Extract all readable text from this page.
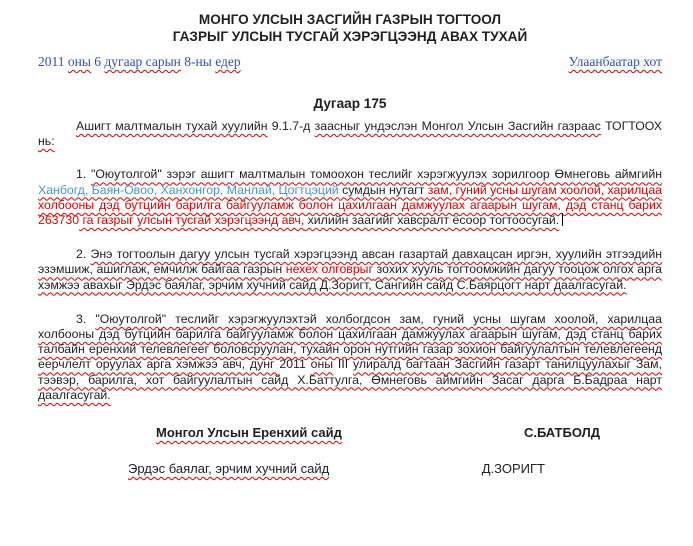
МОНГО УЛСЫН ЗАСГИЙН ГАЗРЫН ТОГТООЛ
ГАЗРЫГ УЛСЫН ТУСГАЙ ХЭРЭГЦЭЭНД АВАХ ТУХАЙ
2011 оны 6 дугаар сарын 8-ны едер	Улаанбаатар хот
Дугаар 175

Ашигт малтмалын тухай хуулийн 9.1.7-д заасныг ундэслэн Монгол Улсын Засгийн газраас ТОГТООХ нь:

1. "Оюутолгой" зэрэг ашигт малтмалын томоохон теслийг хэрэгжуулэх зорилгоор Өмнеговь аймгийн Ханбогд, Баян-Овоо, Ханхонгор, Манлай, Цогтцэций сумдын нутагт зам, гуний усны шугам хоолой, харилцаа холбооны дэд бутцийн барилга байгууламж болон цахилгаан дамжуулах агаарын шугам, дэд станц барих 263730 га газрыг улсын тусгай хэрэгцээнд авч, хилийн заагийг хавсралт ёсоор тогтоосугай.

2. Энэ тогтоолын дагуу улсын тусгай хэрэгцээнд авсан газартай давхацсан иргэн, хуулийн этгээдийн эзэмшиж, ашиглаж, емчилж байгаа газрын нехех олговрыг зохих хууль тогтоомжийн дагуу тооцож олгох арга хэмжээ авахыг Эрдэс баялаг, эрчим хучний сайд Д.Зоригт, Сангийн сайд С.Баярцогт нарт даалгасугай.

3. "Оюутолгой" теслийг хэрэгжуулэхтэй холбогдсон зам, гуний усны шугам хоолой, харилцаа холбооны дэд бутцийн барилга байгууламж болон цахилгаан дамжуулах агаарын шугам, дэд станц барих талбайн еренхий телевлегеег боловсруулан, тухайн орон нутгийн газар зохион байгуулалтын телевлегеенд еерчлелт оруулах арга хэмжээ авч, дунг 2011 оны III улиралд багтаан Засгийн газарт танилцуулахыг Зам, тээвэр, барилга, хот байгуулалтын сайд Х.Баттулга, Өмнеговь аймгийн Засаг дарга Б.Бадраа нарт даалгасугай.

Монгол Улсын Еренхий сайд	С.БАТБОЛД
Эрдэс баялаг, эрчим хучний сайд	Д.ЗОРИГТ
